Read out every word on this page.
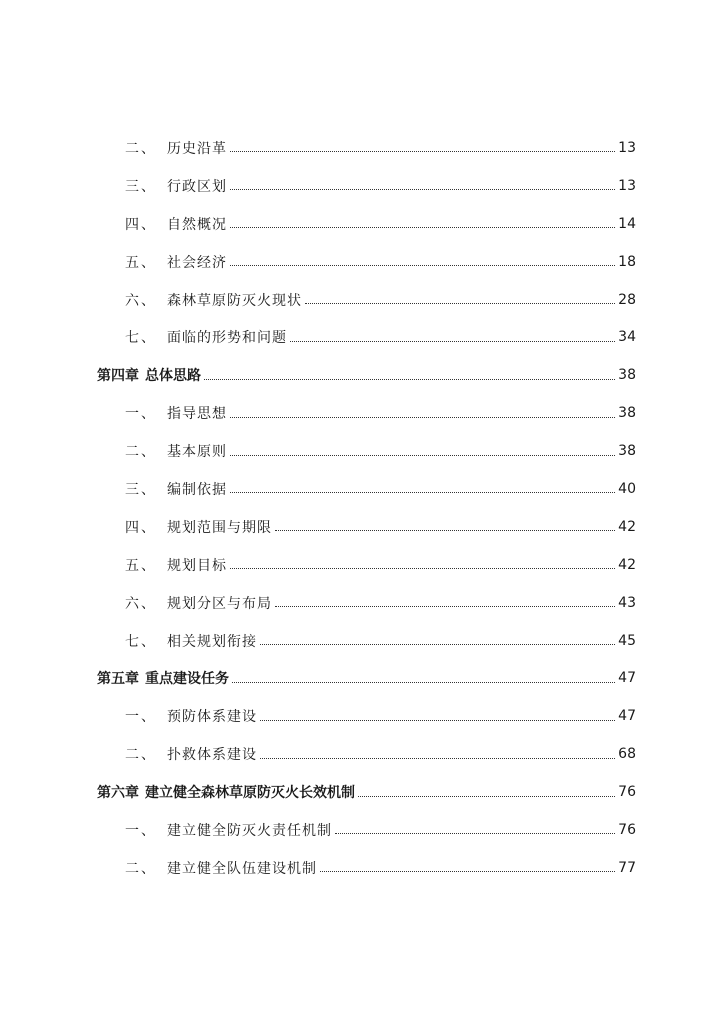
二、 历史沿革	13
三、 行政区划	13
四、 自然概况	14
五、 社会经济	18
六、 森林草原防灭火现状	28
七、 面临的形势和问题	34
第四章 总体思路	38
一、 指导思想	38
二、 基本原则	38
三、 编制依据	40
四、 规划范围与期限	42
五、 规划目标	42
六、 规划分区与布局	43
七、 相关规划衔接	45
第五章 重点建设任务	47
一、 预防体系建设	47
二、 扑救体系建设	68
第六章 建立健全森林草原防灭火长效机制	76
一、 建立健全防灭火责任机制	76
二、 建立健全队伍建设机制	77
